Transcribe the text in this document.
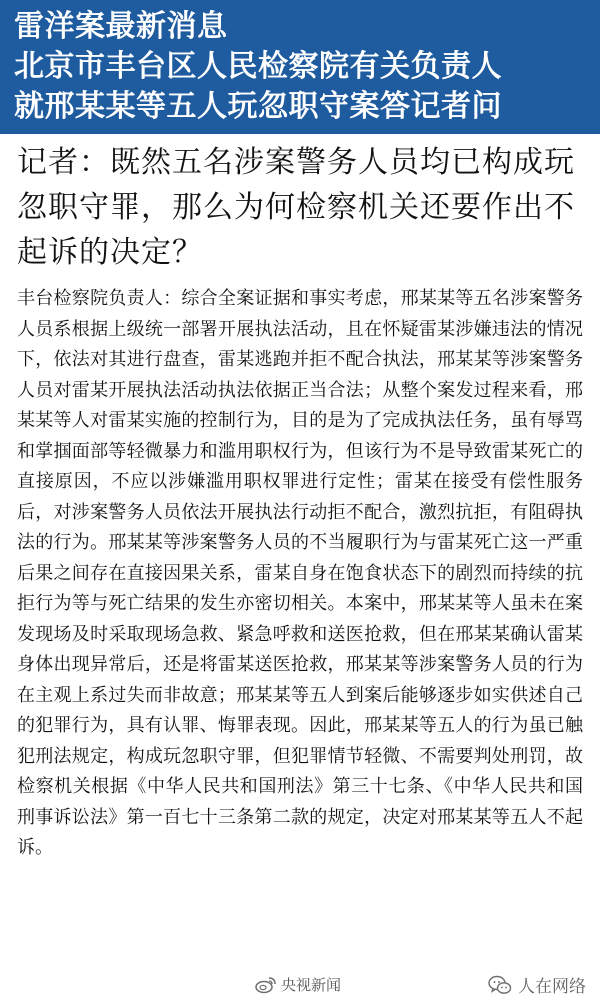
雷洋案最新消息
北京市丰台区人民检察院有关负责人
就邢某某等五人玩忽职守案答记者问
记者：既然五名涉案警务人员均已构成玩忽职守罪，那么为何检察机关还要作出不起诉的决定？
丰台检察院负责人：综合全案证据和事实考虑，邢某某等五名涉案警务人员系根据上级统一部署开展执法活动，且在怀疑雷某涉嫌违法的情况下，依法对其进行盘查，雷某逃跑并拒不配合执法，邢某某等涉案警务人员对雷某开展执法活动执法依据正当合法；从整个案发过程来看，邢某某等人对雷某实施的控制行为，目的是为了完成执法任务，虽有辱骂和掌掴面部等轻微暴力和滥用职权行为，但该行为不是导致雷某死亡的直接原因，不应以涉嫌滥用职权罪进行定性；雷某在接受有偿性服务后，对涉案警务人员依法开展执法行动拒不配合，激烈抗拒，有阻碍执法的行为。邢某某等涉案警务人员的不当履职行为与雷某死亡这一严重后果之间存在直接因果关系，雷某自身在饱食状态下的剧烈而持续的抗拒行为等与死亡结果的发生亦密切相关。本案中，邢某某等人虽未在案发现场及时采取现场急救、紧急呼救和送医抢救，但在邢某某确认雷某身体出现异常后，还是将雷某送医抢救，邢某某等涉案警务人员的行为在主观上系过失而非故意；邢某某等五人到案后能够逐步如实供述自己的犯罪行为，具有认罪、悔罪表现。因此，邢某某等五人的行为虽已触犯刑法规定，构成玩忽职守罪，但犯罪情节轻微、不需要判处刑罚，故检察机关根据《中华人民共和国刑法》第三十七条、《中华人民共和国刑事诉讼法》第一百七十三条第二款的规定，决定对邢某某等五人不起诉。
央视新闻	人在网络
